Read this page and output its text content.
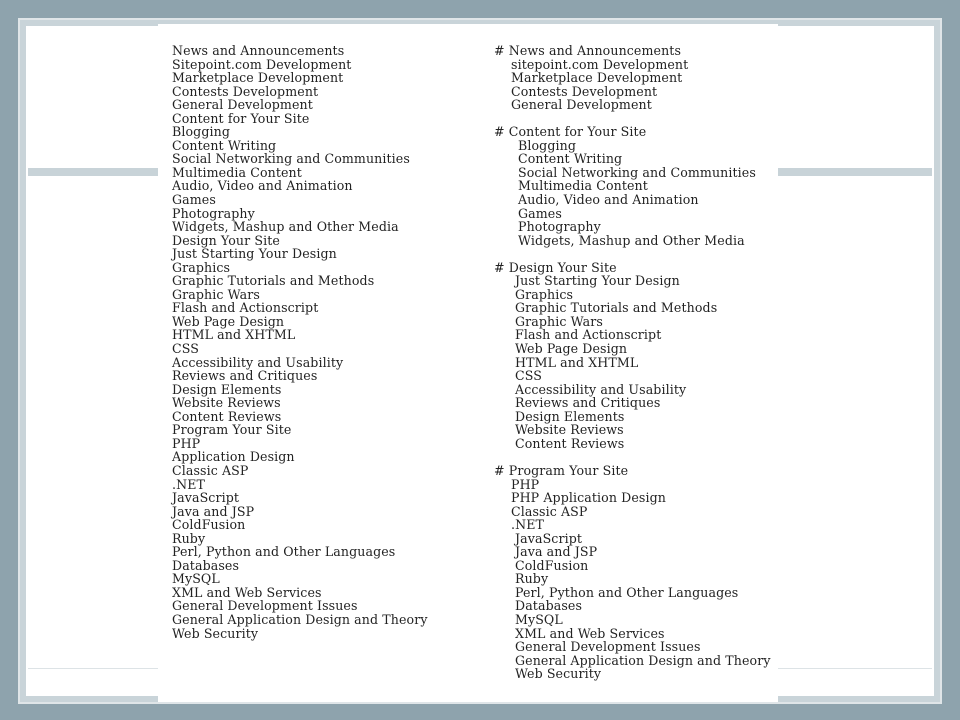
News and Announcements
Sitepoint.com Development
Marketplace Development
Contests Development
General Development
Content for Your Site
Blogging
Content Writing
Social Networking and Communities
Multimedia Content
Audio, Video and Animation
Games
Photography
Widgets, Mashup and Other Media
Design Your Site
Just Starting Your Design
Graphics
Graphic Tutorials and Methods
Graphic Wars
Flash and Actionscript
Web Page Design
HTML and XHTML
CSS
Accessibility and Usability
Reviews and Critiques
Design Elements
Website Reviews
Content Reviews
Program Your Site
PHP
Application Design
Classic ASP
.NET
JavaScript
Java and JSP
ColdFusion
Ruby
Perl, Python and Other Languages
Databases
MySQL
XML and Web Services
General Development Issues
General Application Design and Theory
Web Security
# News and Announcements
sitepoint.com Development
Marketplace Development
Contests Development
General Development
# Content for Your Site
Blogging
Content Writing
Social Networking and Communities
Multimedia Content
Audio, Video and Animation
Games
Photography
Widgets, Mashup and Other Media
# Design Your Site
Just Starting Your Design
Graphics
Graphic Tutorials and Methods
Graphic Wars
Flash and Actionscript
Web Page Design
HTML and XHTML
CSS
Accessibility and Usability
Reviews and Critiques
Design Elements
Website Reviews
Content Reviews
# Program Your Site
PHP
PHP Application Design
Classic ASP
.NET
JavaScript
Java and JSP
ColdFusion
Ruby
Perl, Python and Other Languages
Databases
MySQL
XML and Web Services
General Development Issues
General Application Design and Theory
Web Security
